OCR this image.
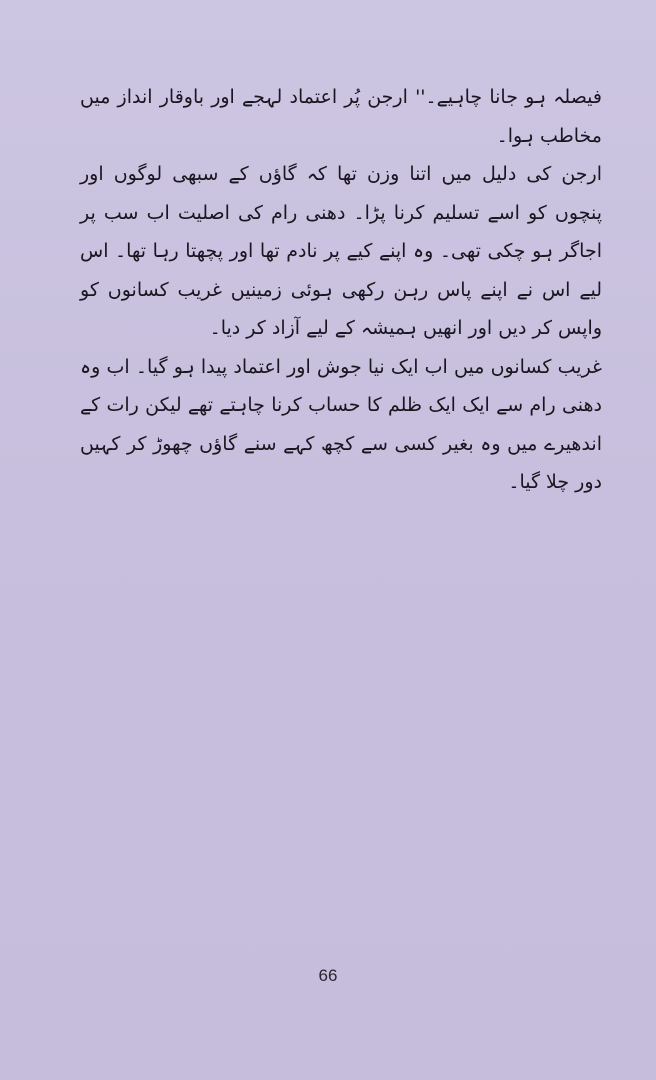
فیصلہ ہو جانا چاہیے۔'' ارجن پُر اعتماد لہجے اور باوقار انداز میں مخاطب ہوا۔

ارجن کی دلیل میں اتنا وزن تھا کہ گاؤں کے سبھی لوگوں اور پنچوں کو اسے تسلیم کرنا پڑا۔ دھنی رام کی اصلیت اب سب پر اجاگر ہو چکی تھی۔ وہ اپنے کیے پر نادم تھا اور پچھتا رہا تھا۔ اس لیے اس نے اپنے پاس رہن رکھی ہوئی زمینیں غریب کسانوں کو واپس کر دیں اور انھیں ہمیشہ کے لیے آزاد کر دیا۔

غریب کسانوں میں اب ایک نیا جوش اور اعتماد پیدا ہو گیا۔ اب وہ دھنی رام سے ایک ایک ظلم کا حساب کرنا چاہتے تھے لیکن رات کے اندھیرے میں وہ بغیر کسی سے کچھ کہے سنے گاؤں چھوڑ کر کہیں دور چلا گیا۔

66
